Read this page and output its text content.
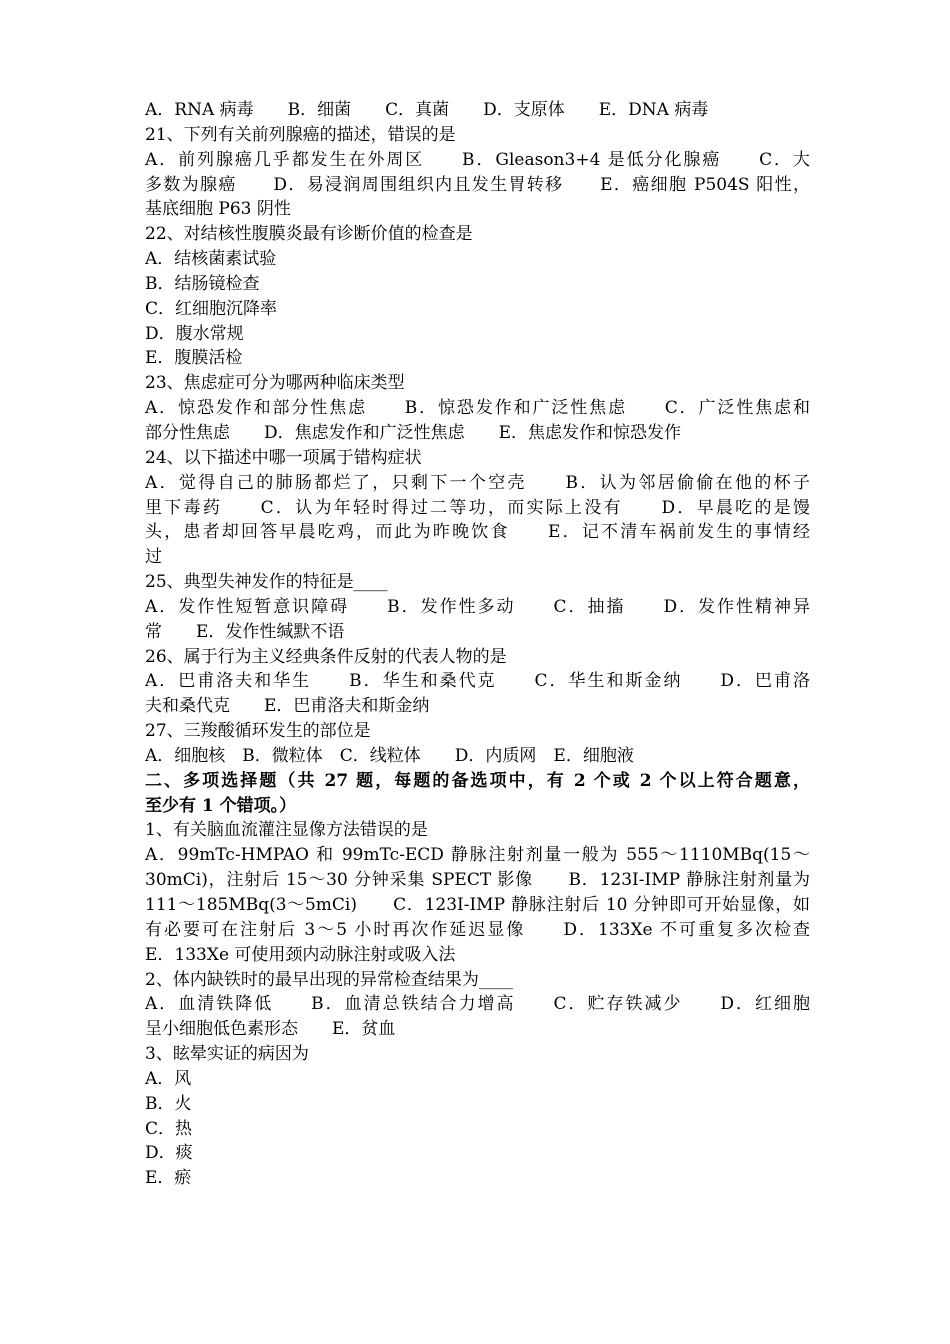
A．RNA 病毒　　B．细菌　　C．真菌　　D．支原体　　E．DNA 病毒
21、下列有关前列腺癌的描述，错误的是
A．前列腺癌几乎都发生在外周区　　B．Gleason3+4 是低分化腺癌　　C．大
多数为腺癌　　D．易浸润周围组织内且发生胃转移　　E．癌细胞 P504S 阳性，
基底细胞 P63 阴性
22、对结核性腹膜炎最有诊断价值的检查是
A．结核菌素试验
B．结肠镜检查
C．红细胞沉降率
D．腹水常规
E．腹膜活检
23、焦虑症可分为哪两种临床类型
A．惊恐发作和部分性焦虑　　B．惊恐发作和广泛性焦虑　　C．广泛性焦虑和
部分性焦虑　　D．焦虑发作和广泛性焦虑　　E．焦虑发作和惊恐发作
24、以下描述中哪一项属于错构症状
A．觉得自己的肺肠都烂了，只剩下一个空壳　　B．认为邻居偷偷在他的杯子
里下毒药　　C．认为年轻时得过二等功，而实际上没有　　D．早晨吃的是馒
头，患者却回答早晨吃鸡，而此为昨晚饮食　　E．记不清车祸前发生的事情经
过
25、典型失神发作的特征是____
A．发作性短暂意识障碍　　B．发作性多动　　C．抽搐　　D．发作性精神异
常　　E．发作性缄默不语
26、属于行为主义经典条件反射的代表人物的是
A．巴甫洛夫和华生　　B．华生和桑代克　　C．华生和斯金纳　　D．巴甫洛
夫和桑代克　　E．巴甫洛夫和斯金纳
27、三羧酸循环发生的部位是
A．细胞核　B．微粒体　C．线粒体　　D．内质网　E．细胞液
二、多项选择题（共 27 题，每题的备选项中，有 2 个或 2 个以上符合题意，
至少有 1 个错项。）
1、有关脑血流灌注显像方法错误的是
A．99mTc-HMPAO 和 99mTc-ECD 静脉注射剂量一般为 555～1110MBq(15～
30mCi)，注射后 15～30 分钟采集 SPECT 影像　　B．123I-IMP 静脉注射剂量为
111～185MBq(3～5mCi)　　C．123I-IMP 静脉注射后 10 分钟即可开始显像，如
有必要可在注射后 3～5 小时再次作延迟显像　　D．133Xe 不可重复多次检查
E．133Xe 可使用颈内动脉注射或吸入法
2、体内缺铁时的最早出现的异常检查结果为____
A．血清铁降低　　B．血清总铁结合力增高　　C．贮存铁减少　　D．红细胞
呈小细胞低色素形态　　E．贫血
3、眩晕实证的病因为
A．风
B．火
C．热
D．痰
E．瘀
